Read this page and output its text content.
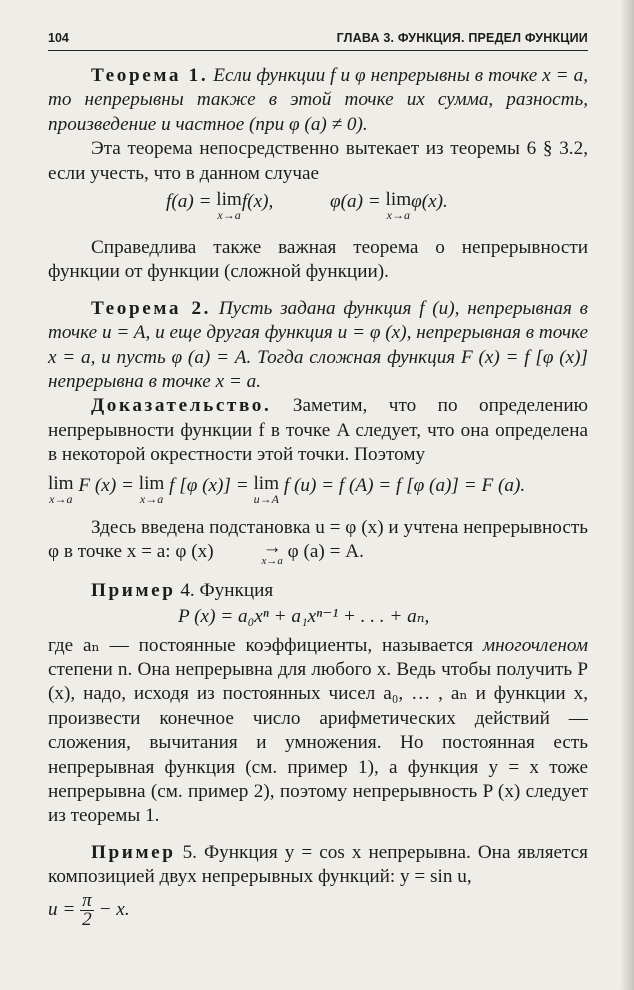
104	ГЛАВА 3. ФУНКЦИЯ. ПРЕДЕЛ ФУНКЦИИ

Теорема 1. Если функции f и φ непрерывны в точке x = a, то непрерывны также в этой точке их сумма, разность, произведение и частное (при φ (a) ≠ 0).

Эта теорема непосредственно вытекает из теоремы 6 § 3.2, если учесть, что в данном случае

f(a) = lim
x→a
f(x),	φ(a) = lim
x→a
φ(x).

Справедлива также важная теорема о непрерывности функции от функции (сложной функции).

Теорема 2. Пусть задана функция f (u), непрерывная в точке u = A, и еще другая функция u = φ (x), непрерывная в точке x = a, и пусть φ (a) = A. Тогда сложная функция F (x) = f [φ (x)] непрерывна в точке x = a.

Доказательство. Заметим, что по определению непрерывности функции f в точке A следует, что она определена в некоторой окрестности этой точки. Поэтому

lim
x→a
F (x) = lim
x→a
f [φ (x)] = lim
u→A
f (u) = f (A) = f [φ (a)] = F (a).

Здесь введена подстановка u = φ (x) и учтена непрерывность φ в точке x = a: φ (x)	→
x→a φ (a) = A.

Пример 4. Функция

P (x) = a₀xⁿ + a₁xⁿ⁻¹ + . . . + aₙ,

где aₙ — постоянные коэффициенты, называется многочленом степени n. Она непрерывна для любого x. Ведь чтобы получить P (x), надо, исходя из постоянных чисел a₀, … , aₙ и функции x, произвести конечное число арифметических действий — сложения, вычитания и умножения. Но постоянная есть непрерывная функция (см. пример 1), а функция y = x тоже непрерывна (см. пример 2), поэтому непрерывность P (x) следует из теоремы 1.

Пример 5. Функция y = cos x непрерывна. Она является композицией двух непрерывных функций: y = sin u,

$u = \frac{\pi}{2} - x$.
